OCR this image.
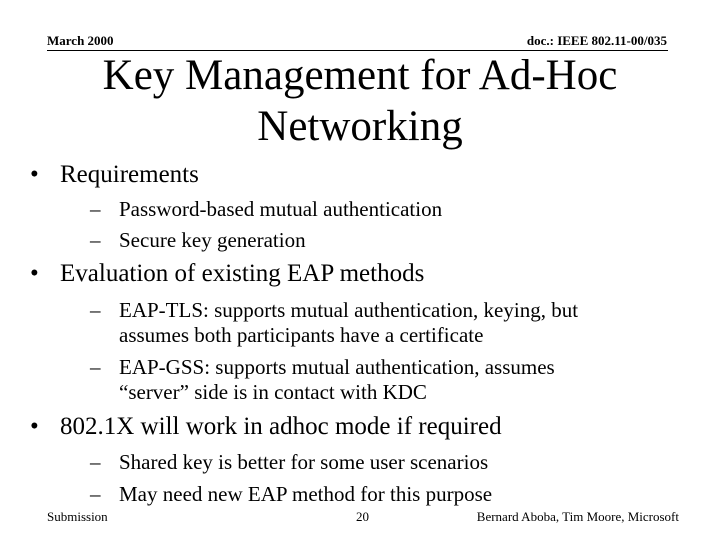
March 2000	doc.: IEEE 802.11-00/035
Key Management for Ad-Hoc
Networking
• Requirements
– Password-based mutual authentication
– Secure key generation
• Evaluation of existing EAP methods
– EAP-TLS: supports mutual authentication, keying, but
assumes both participants have a certificate
– EAP-GSS: supports mutual authentication, assumes
“server” side is in contact with KDC
• 802.1X will work in adhoc mode if required
– Shared key is better for some user scenarios
– May need new EAP method for this purpose
Submission	20	Bernard Aboba, Tim Moore, Microsoft
